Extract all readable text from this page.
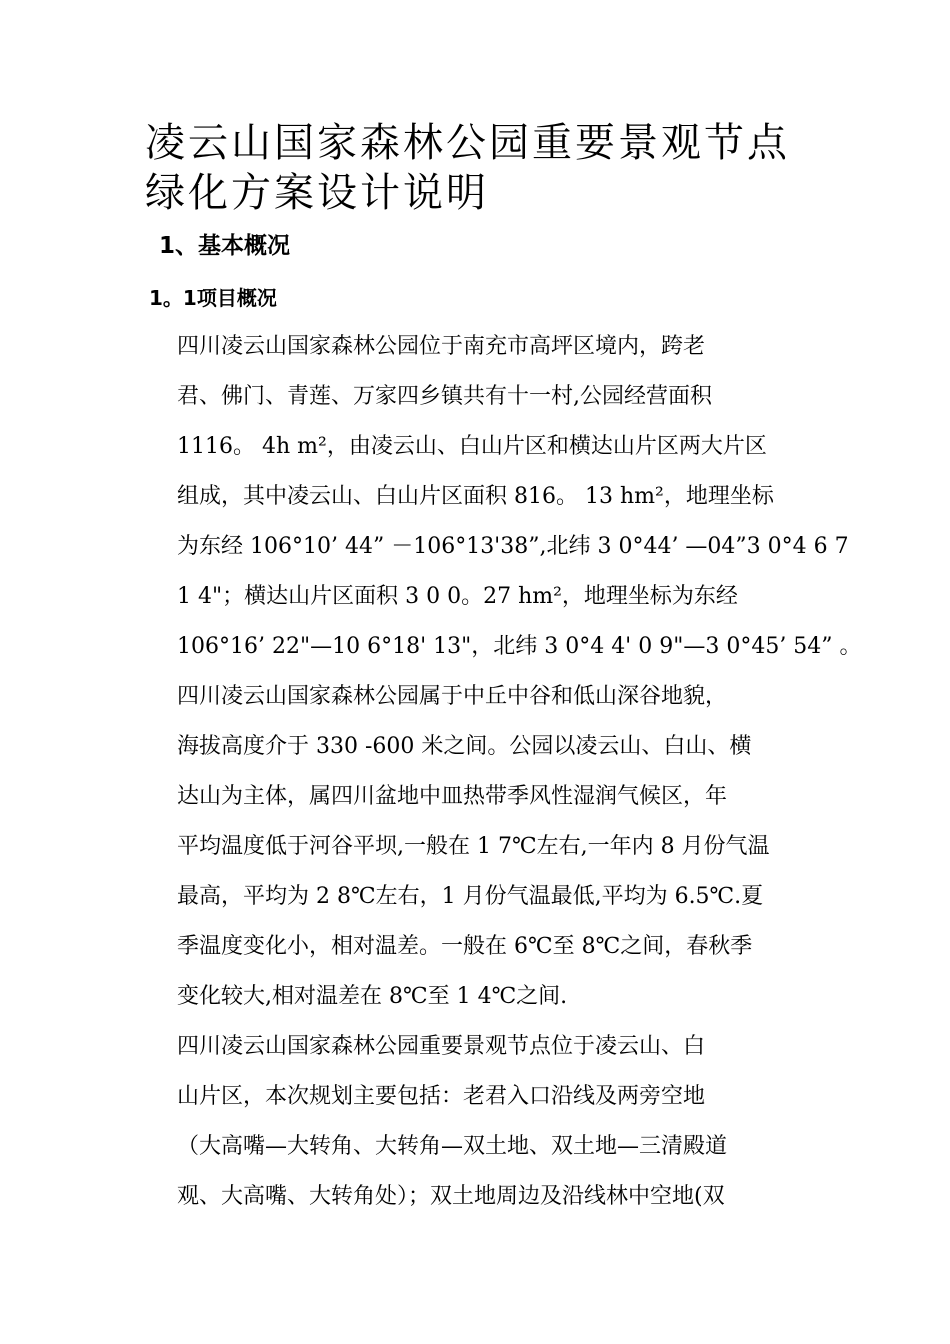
凌云山国家森林公园重要景观节点
绿化方案设计说明
1、基本概况
1。1项目概况

四川凌云山国家森林公园位于南充市高坪区境内，跨老
君、佛门、青莲、万家四乡镇共有十一村,公园经营面积
1116。 4h m²，由凌云山、白山片区和横达山片区两大片区
组成，其中凌云山、白山片区面积 816。 13 hm²，地理坐标
为东经 106°10’ 44” －106°13'38”,北纬 3 0°44’ —04”3 0°4 6 7
1 4"；横达山片区面积 3 0 0。27 hm²，地理坐标为东经
106°16’ 22"—10 6°18' 13"，北纬 3 0°4 4' 0 9"—3 0°45’ 54” 。

四川凌云山国家森林公园属于中丘中谷和低山深谷地貌，
海拔高度介于 330 -600 米之间。公园以凌云山、白山、横
达山为主体，属四川盆地中皿热带季风性湿润气候区，年
平均温度低于河谷平坝,一般在 1 7℃左右,一年内 8 月份气温
最高，平均为 2 8℃左右，1 月份气温最低,平均为 6.5℃.夏
季温度变化小，相对温差。一般在 6℃至 8℃之间，春秋季
变化较大,相对温差在 8℃至 1 4℃之间.

四川凌云山国家森林公园重要景观节点位于凌云山、白
山片区，本次规划主要包括：老君入口沿线及两旁空地
（大高嘴—大转角、大转角—双土地、双土地—三清殿道
观、大高嘴、大转角处）；双土地周边及沿线林中空地(双
